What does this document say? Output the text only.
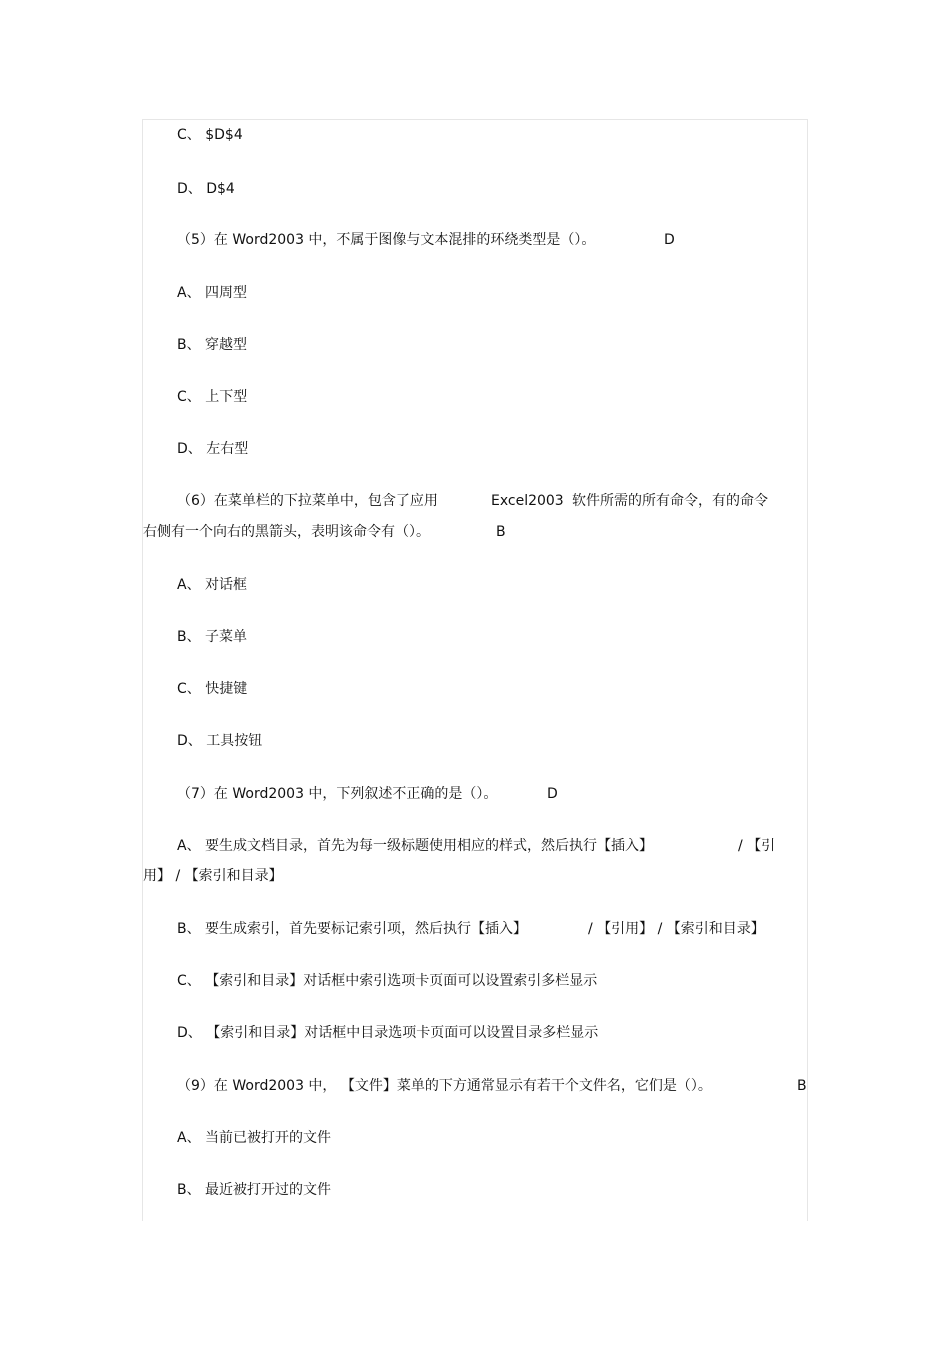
C、 $D$4
D、 D$4
（5）在 Word2003 中，不属于图像与文本混排的环绕类型是（）。	D
A、 四周型
B、 穿越型
C、 上下型
D、 左右型
（6）在菜单栏的下拉菜单中，包含了应用	Excel2003 软件所需的所有命令，有的命令
右侧有一个向右的黑箭头，表明该命令有（）。	B
A、 对话框
B、 子菜单
C、 快捷键
D、 工具按钮
（7）在 Word2003 中，下列叙述不正确的是（）。	D
A、 要生成文档目录，首先为每一级标题使用相应的样式，然后执行【插入】	/ 【引
用】 / 【索引和目录】
B、 要生成索引，首先要标记索引项，然后执行【插入】	/ 【引用】 / 【索引和目录】
C、 【索引和目录】对话框中索引选项卡页面可以设置索引多栏显示
D、 【索引和目录】对话框中目录选项卡页面可以设置目录多栏显示
（9）在 Word2003 中， 【文件】菜单的下方通常显示有若干个文件名，它们是（）。	B
A、 当前已被打开的文件
B、 最近被打开过的文件
